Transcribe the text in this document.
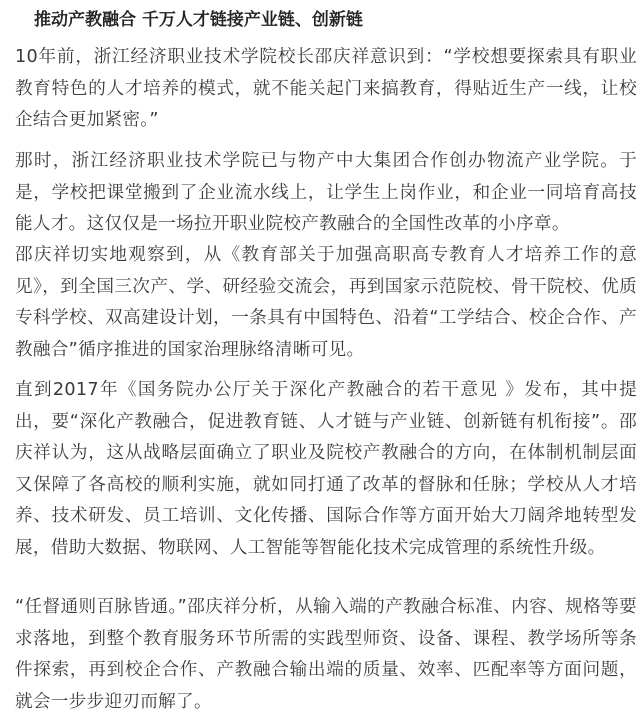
推动产教融合 千万人才链接产业链、创新链

10年前，浙江经济职业技术学院校长邵庆祥意识到：“学校想要探索具有职业教育特色的人才培养的模式，就不能关起门来搞教育，得贴近生产一线，让校企结合更加紧密。”

那时，浙江经济职业技术学院已与物产中大集团合作创办物流产业学院。于是，学校把课堂搬到了企业流水线上，让学生上岗作业，和企业一同培育高技能人才。这仅仅是一场拉开职业院校产教融合的全国性改革的小序章。

邵庆祥切实地观察到，从《教育部关于加强高职高专教育人才培养工作的意见》，到全国三次产、学、研经验交流会，再到国家示范院校、骨干院校、优质专科学校、双高建设计划，一条具有中国特色、沿着“工学结合、校企合作、产教融合”循序推进的国家治理脉络清晰可见。

直到2017年《国务院办公厅关于深化产教融合的若干意见 》发布，其中提出，要“深化产教融合，促进教育链、人才链与产业链、创新链有机衔接”。邵庆祥认为，这从战略层面确立了职业及院校产教融合的方向，在体制机制层面又保障了各高校的顺利实施，就如同打通了改革的督脉和任脉；学校从人才培养、技术研发、员工培训、文化传播、国际合作等方面开始大刀阔斧地转型发展，借助大数据、物联网、人工智能等智能化技术完成管理的系统性升级。

“任督通则百脉皆通。”邵庆祥分析，从输入端的产教融合标准、内容、规格等要求落地，到整个教育服务环节所需的实践型师资、设备、课程、教学场所等条件探索，再到校企合作、产教融合输出端的质量、效率、匹配率等方面问题，就会一步步迎刃而解了。
